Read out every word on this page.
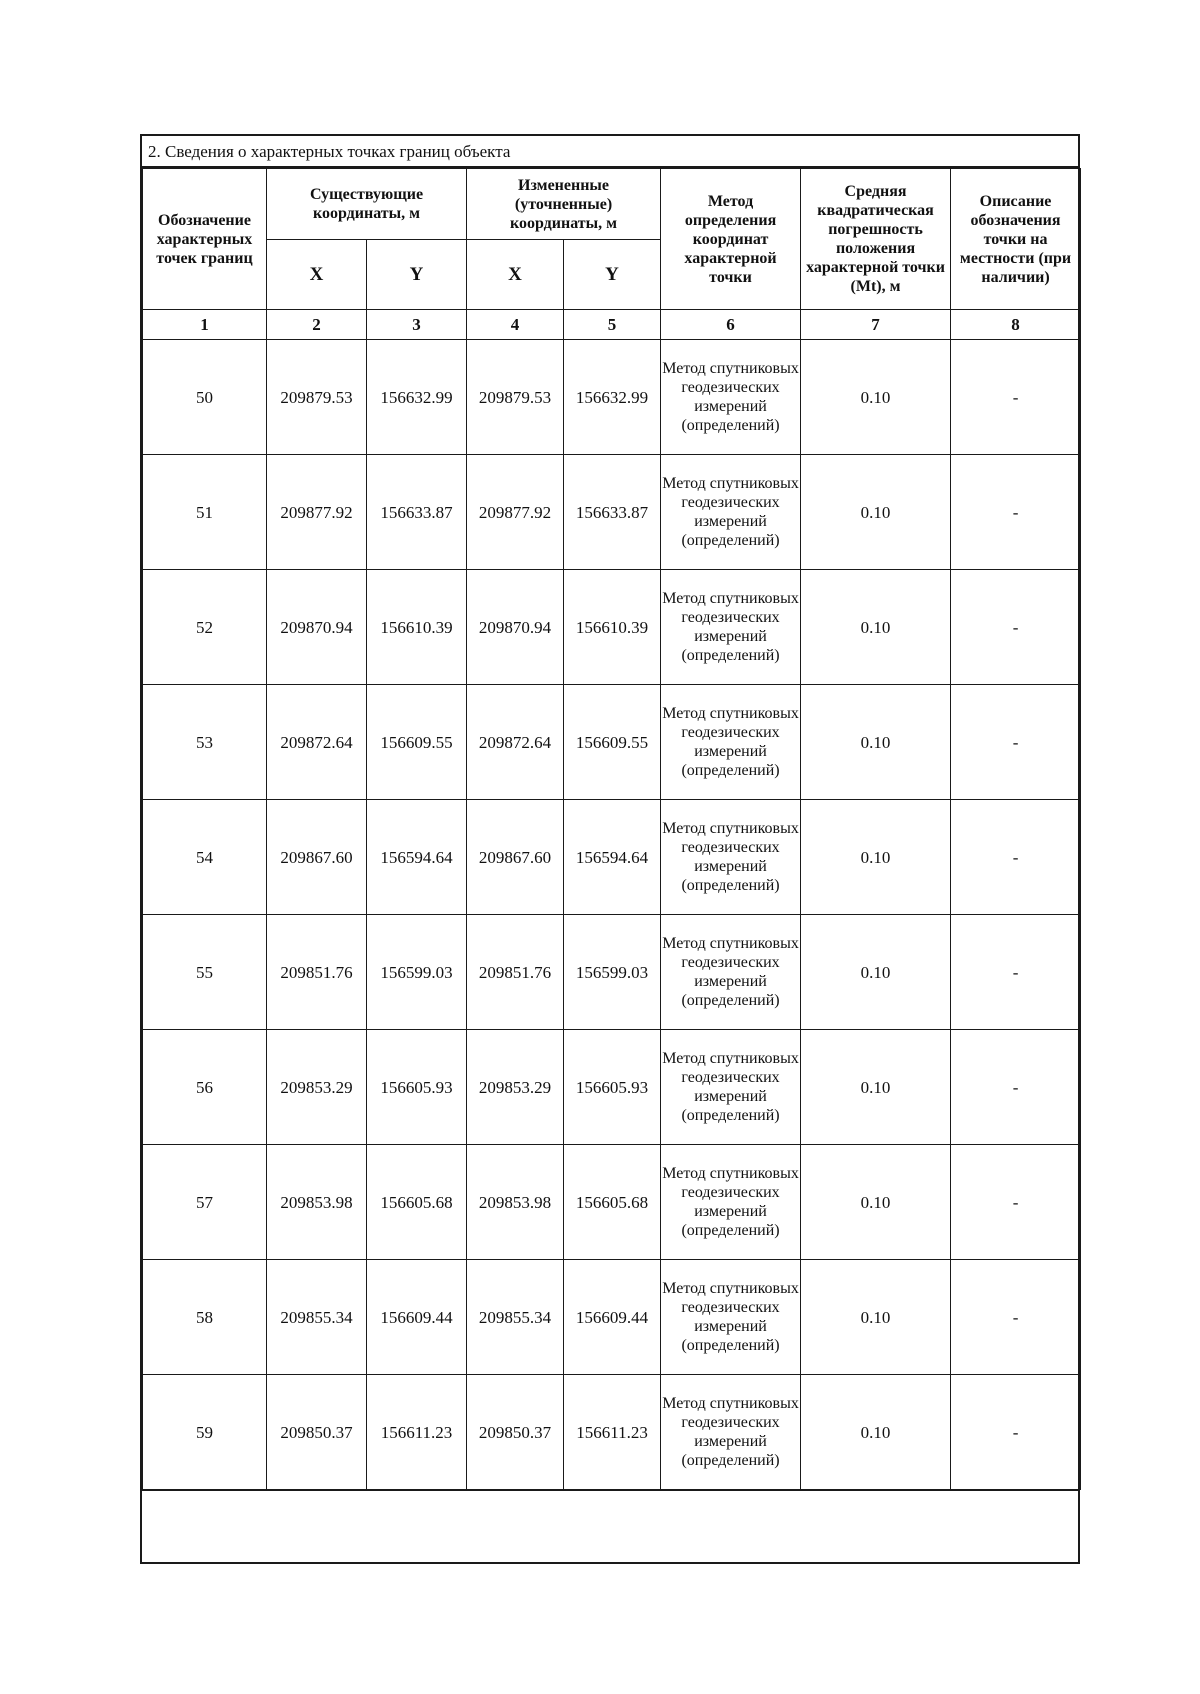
2. Сведения о характерных точках границ объекта
Обозначение характерных точек границ	Существующие координаты, м		Измененные (уточненные) координаты, м		Метод определения координат характерной точки	Средняя квадратическая погрешность положения характерной точки (Mt), м	Описание обозначения точки на местности (при наличии)
	X	Y	X	Y			
1	2	3	4	5	6	7	8
50	209879.53	156632.99	209879.53	156632.99	Метод спутниковых геодезических измерений (определений)	0.10	-
51	209877.92	156633.87	209877.92	156633.87	Метод спутниковых геодезических измерений (определений)	0.10	-
52	209870.94	156610.39	209870.94	156610.39	Метод спутниковых геодезических измерений (определений)	0.10	-
53	209872.64	156609.55	209872.64	156609.55	Метод спутниковых геодезических измерений (определений)	0.10	-
54	209867.60	156594.64	209867.60	156594.64	Метод спутниковых геодезических измерений (определений)	0.10	-
55	209851.76	156599.03	209851.76	156599.03	Метод спутниковых геодезических измерений (определений)	0.10	-
56	209853.29	156605.93	209853.29	156605.93	Метод спутниковых геодезических измерений (определений)	0.10	-
57	209853.98	156605.68	209853.98	156605.68	Метод спутниковых геодезических измерений (определений)	0.10	-
58	209855.34	156609.44	209855.34	156609.44	Метод спутниковых геодезических измерений (определений)	0.10	-
59	209850.37	156611.23	209850.37	156611.23	Метод спутниковых геодезических измерений (определений)	0.10	-
